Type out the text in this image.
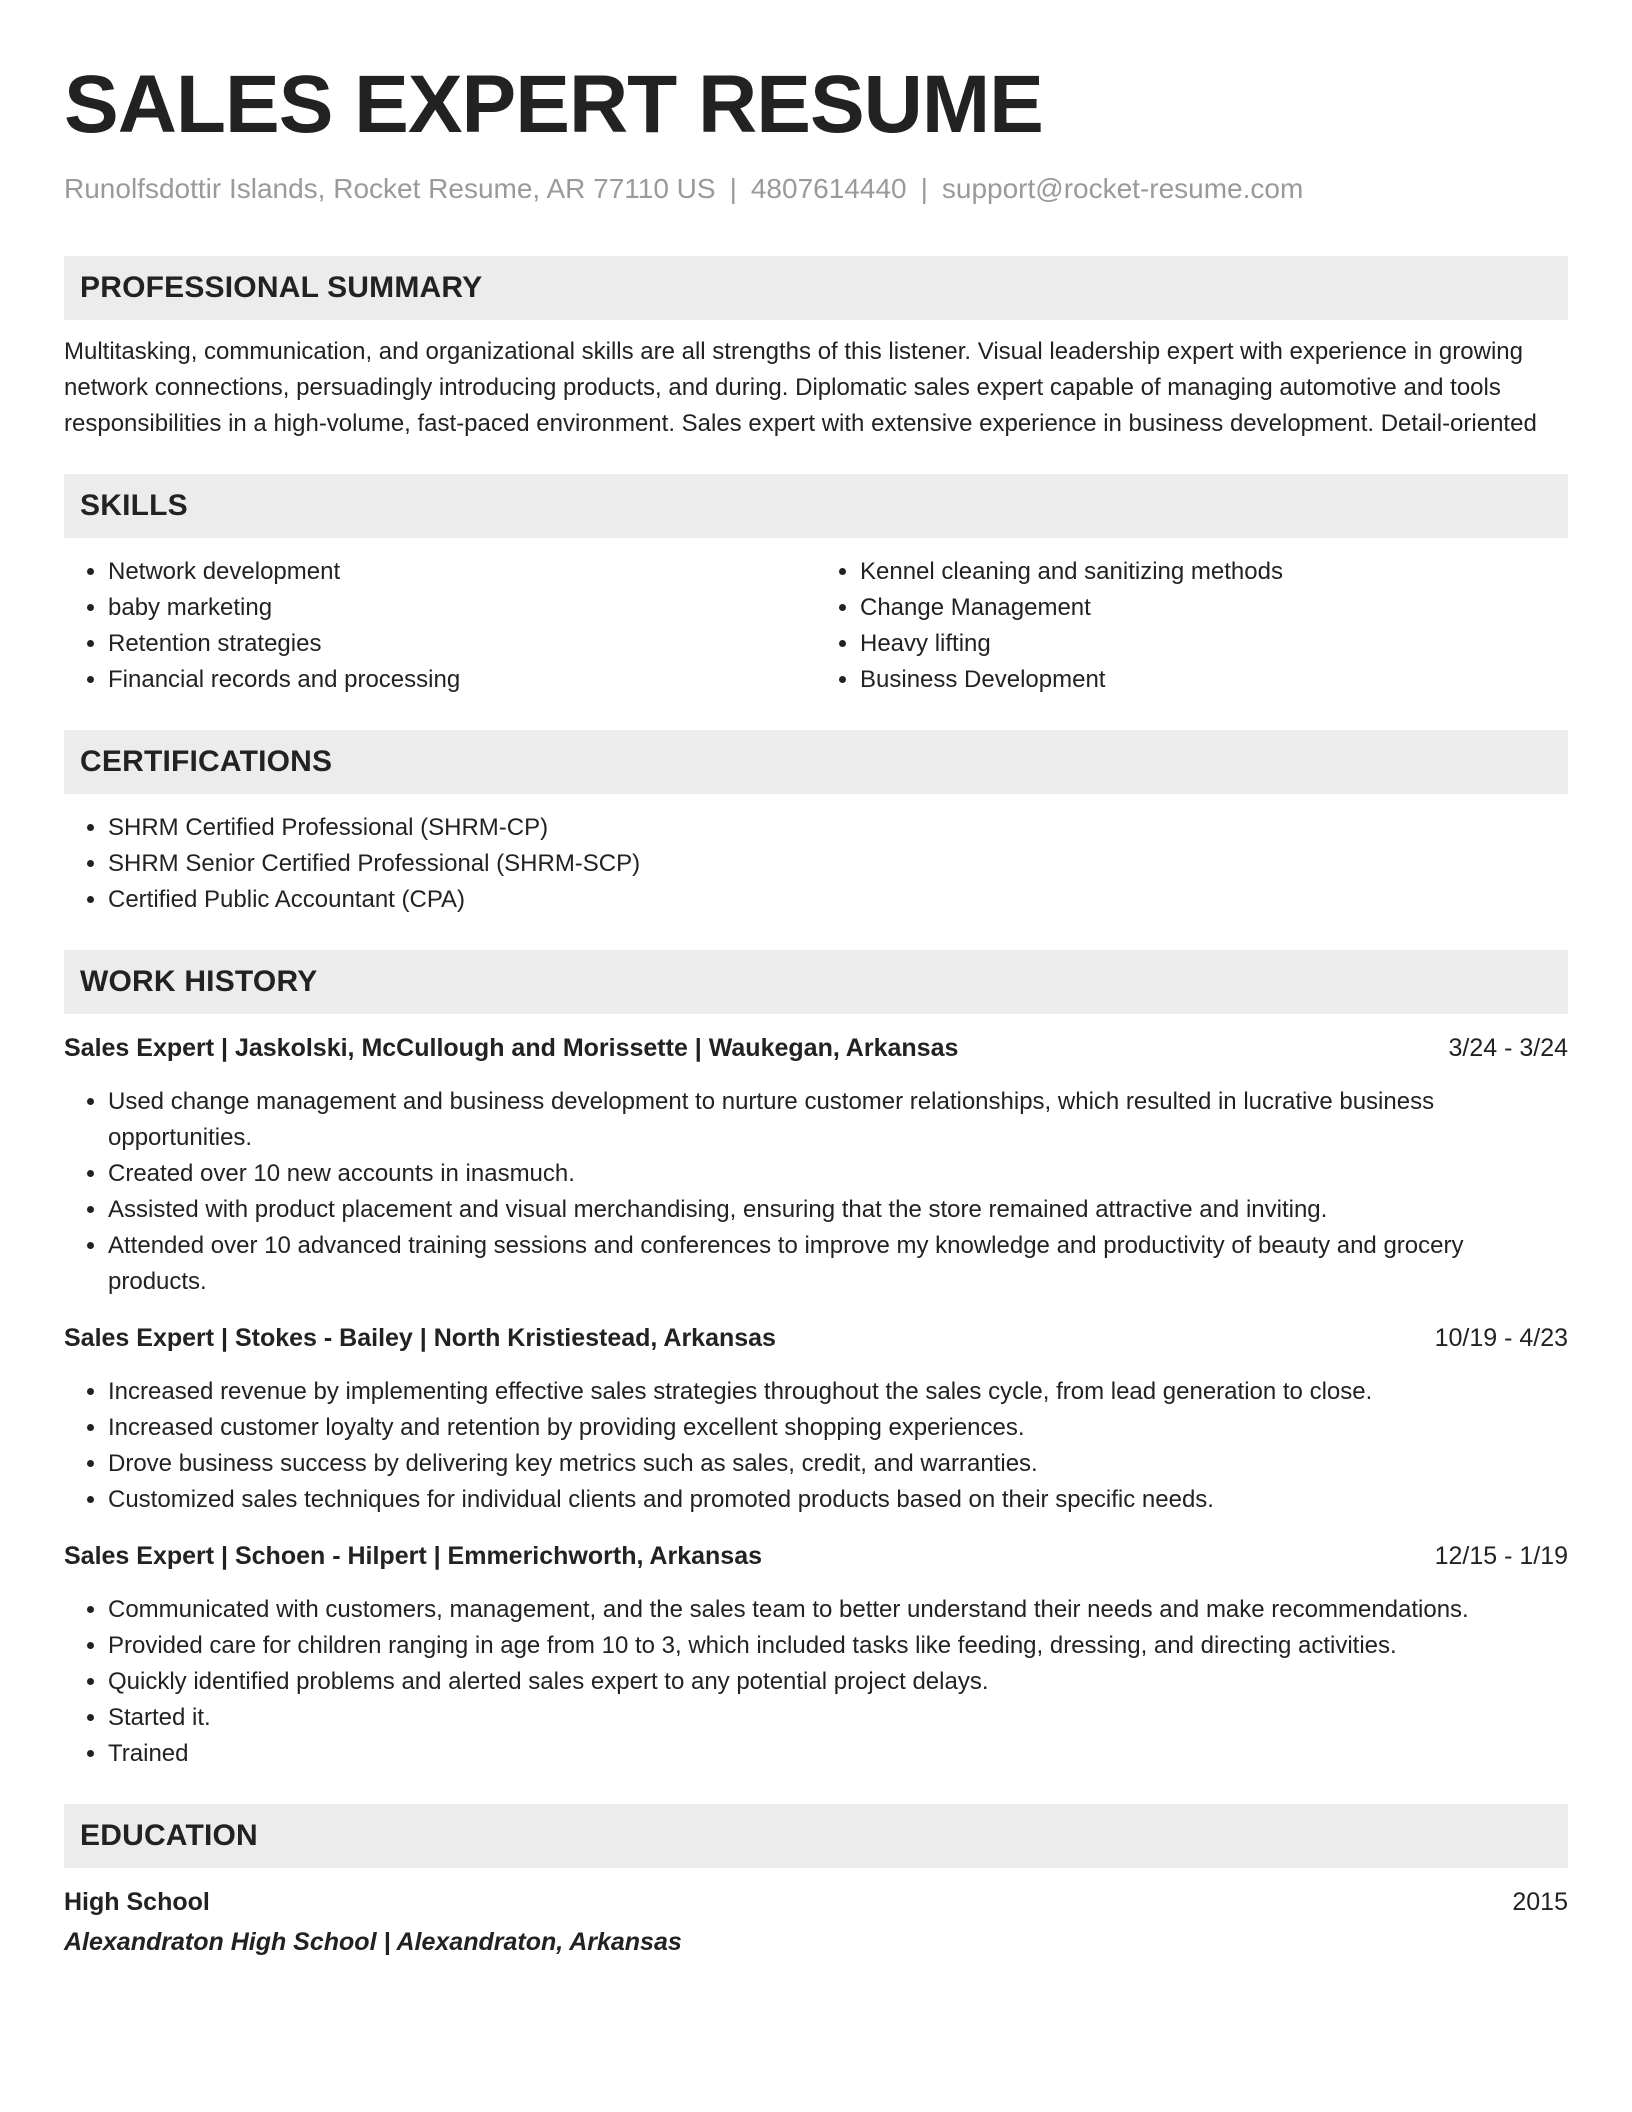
SALES EXPERT RESUME
Runolfsdottir Islands, Rocket Resume, AR 77110 US | 4807614440 | support@rocket-resume.com
PROFESSIONAL SUMMARY
Multitasking, communication, and organizational skills are all strengths of this listener. Visual leadership expert with experience in growing network connections, persuadingly introducing products, and during. Diplomatic sales expert capable of managing automotive and tools responsibilities in a high-volume, fast-paced environment. Sales expert with extensive experience in business development. Detail-oriented
SKILLS
• Network development
• baby marketing
• Retention strategies
• Financial records and processing
• Kennel cleaning and sanitizing methods
• Change Management
• Heavy lifting
• Business Development
CERTIFICATIONS
• SHRM Certified Professional (SHRM-CP)
• SHRM Senior Certified Professional (SHRM-SCP)
• Certified Public Accountant (CPA)
WORK HISTORY
Sales Expert | Jaskolski, McCullough and Morissette | Waukegan, Arkansas	3/24 - 3/24
• Used change management and business development to nurture customer relationships, which resulted in lucrative business opportunities.
• Created over 10 new accounts in inasmuch.
• Assisted with product placement and visual merchandising, ensuring that the store remained attractive and inviting.
• Attended over 10 advanced training sessions and conferences to improve my knowledge and productivity of beauty and grocery products.
Sales Expert | Stokes - Bailey | North Kristiestead, Arkansas	10/19 - 4/23
• Increased revenue by implementing effective sales strategies throughout the sales cycle, from lead generation to close.
• Increased customer loyalty and retention by providing excellent shopping experiences.
• Drove business success by delivering key metrics such as sales, credit, and warranties.
• Customized sales techniques for individual clients and promoted products based on their specific needs.
Sales Expert | Schoen - Hilpert | Emmerichworth, Arkansas	12/15 - 1/19
• Communicated with customers, management, and the sales team to better understand their needs and make recommendations.
• Provided care for children ranging in age from 10 to 3, which included tasks like feeding, dressing, and directing activities.
• Quickly identified problems and alerted sales expert to any potential project delays.
• Started it.
• Trained
EDUCATION
High School	2015
Alexandraton High School | Alexandraton, Arkansas
